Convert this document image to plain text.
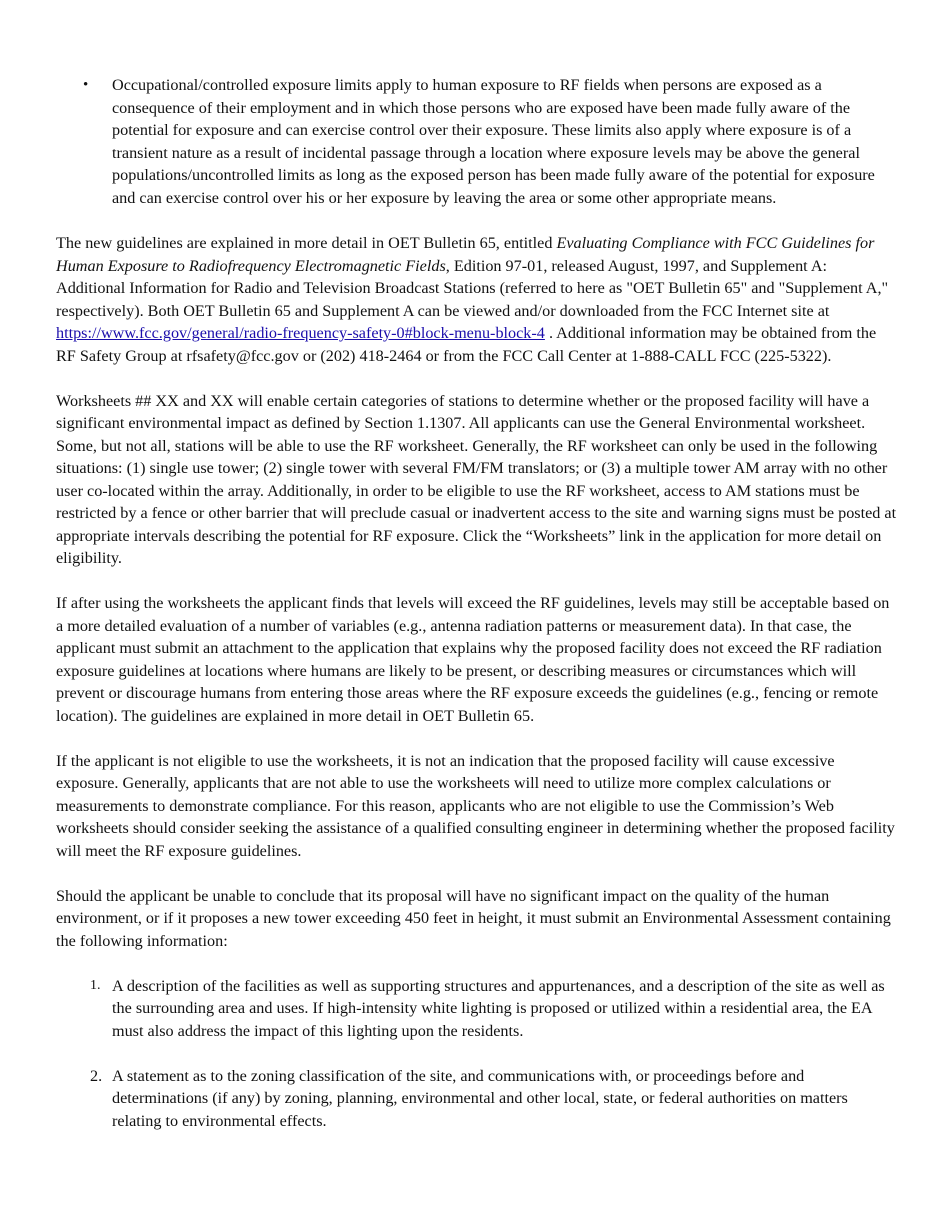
• Occupational/controlled exposure limits apply to human exposure to RF fields when persons are exposed as a consequence of their employment and in which those persons who are exposed have been made fully aware of the potential for exposure and can exercise control over their exposure. These limits also apply where exposure is of a transient nature as a result of incidental passage through a location where exposure levels may be above the general populations/uncontrolled limits as long as the exposed person has been made fully aware of the potential for exposure and can exercise control over his or her exposure by leaving the area or some other appropriate means.

The new guidelines are explained in more detail in OET Bulletin 65, entitled Evaluating Compliance with FCC Guidelines for Human Exposure to Radiofrequency Electromagnetic Fields, Edition 97-01, released August, 1997, and Supplement A: Additional Information for Radio and Television Broadcast Stations (referred to here as "OET Bulletin 65" and "Supplement A," respectively). Both OET Bulletin 65 and Supplement A can be viewed and/or downloaded from the FCC Internet site at https://www.fcc.gov/general/radio-frequency-safety-0#block-menu-block-4 . Additional information may be obtained from the RF Safety Group at rfsafety@fcc.gov or (202) 418-2464 or from the FCC Call Center at 1-888-CALL FCC (225-5322).

Worksheets ## XX and XX will enable certain categories of stations to determine whether or the proposed facility will have a significant environmental impact as defined by Section 1.1307. All applicants can use the General Environmental worksheet. Some, but not all, stations will be able to use the RF worksheet. Generally, the RF worksheet can only be used in the following situations: (1) single use tower; (2) single tower with several FM/FM translators; or (3) a multiple tower AM array with no other user co-located within the array. Additionally, in order to be eligible to use the RF worksheet, access to AM stations must be restricted by a fence or other barrier that will preclude casual or inadvertent access to the site and warning signs must be posted at appropriate intervals describing the potential for RF exposure. Click the “Worksheets” link in the application for more detail on eligibility.

If after using the worksheets the applicant finds that levels will exceed the RF guidelines, levels may still be acceptable based on a more detailed evaluation of a number of variables (e.g., antenna radiation patterns or measurement data). In that case, the applicant must submit an attachment to the application that explains why the proposed facility does not exceed the RF radiation exposure guidelines at locations where humans are likely to be present, or describing measures or circumstances which will prevent or discourage humans from entering those areas where the RF exposure exceeds the guidelines (e.g., fencing or remote location). The guidelines are explained in more detail in OET Bulletin 65.

If the applicant is not eligible to use the worksheets, it is not an indication that the proposed facility will cause excessive exposure. Generally, applicants that are not able to use the worksheets will need to utilize more complex calculations or measurements to demonstrate compliance. For this reason, applicants who are not eligible to use the Commission’s Web worksheets should consider seeking the assistance of a qualified consulting engineer in determining whether the proposed facility will meet the RF exposure guidelines.

Should the applicant be unable to conclude that its proposal will have no significant impact on the quality of the human environment, or if it proposes a new tower exceeding 450 feet in height, it must submit an Environmental Assessment containing the following information:

1. A description of the facilities as well as supporting structures and appurtenances, and a description of the site as well as the surrounding area and uses. If high-intensity white lighting is proposed or utilized within a residential area, the EA must also address the impact of this lighting upon the residents.
2. A statement as to the zoning classification of the site, and communications with, or proceedings before and determinations (if any) by zoning, planning, environmental and other local, state, or federal authorities on matters relating to environmental effects.
